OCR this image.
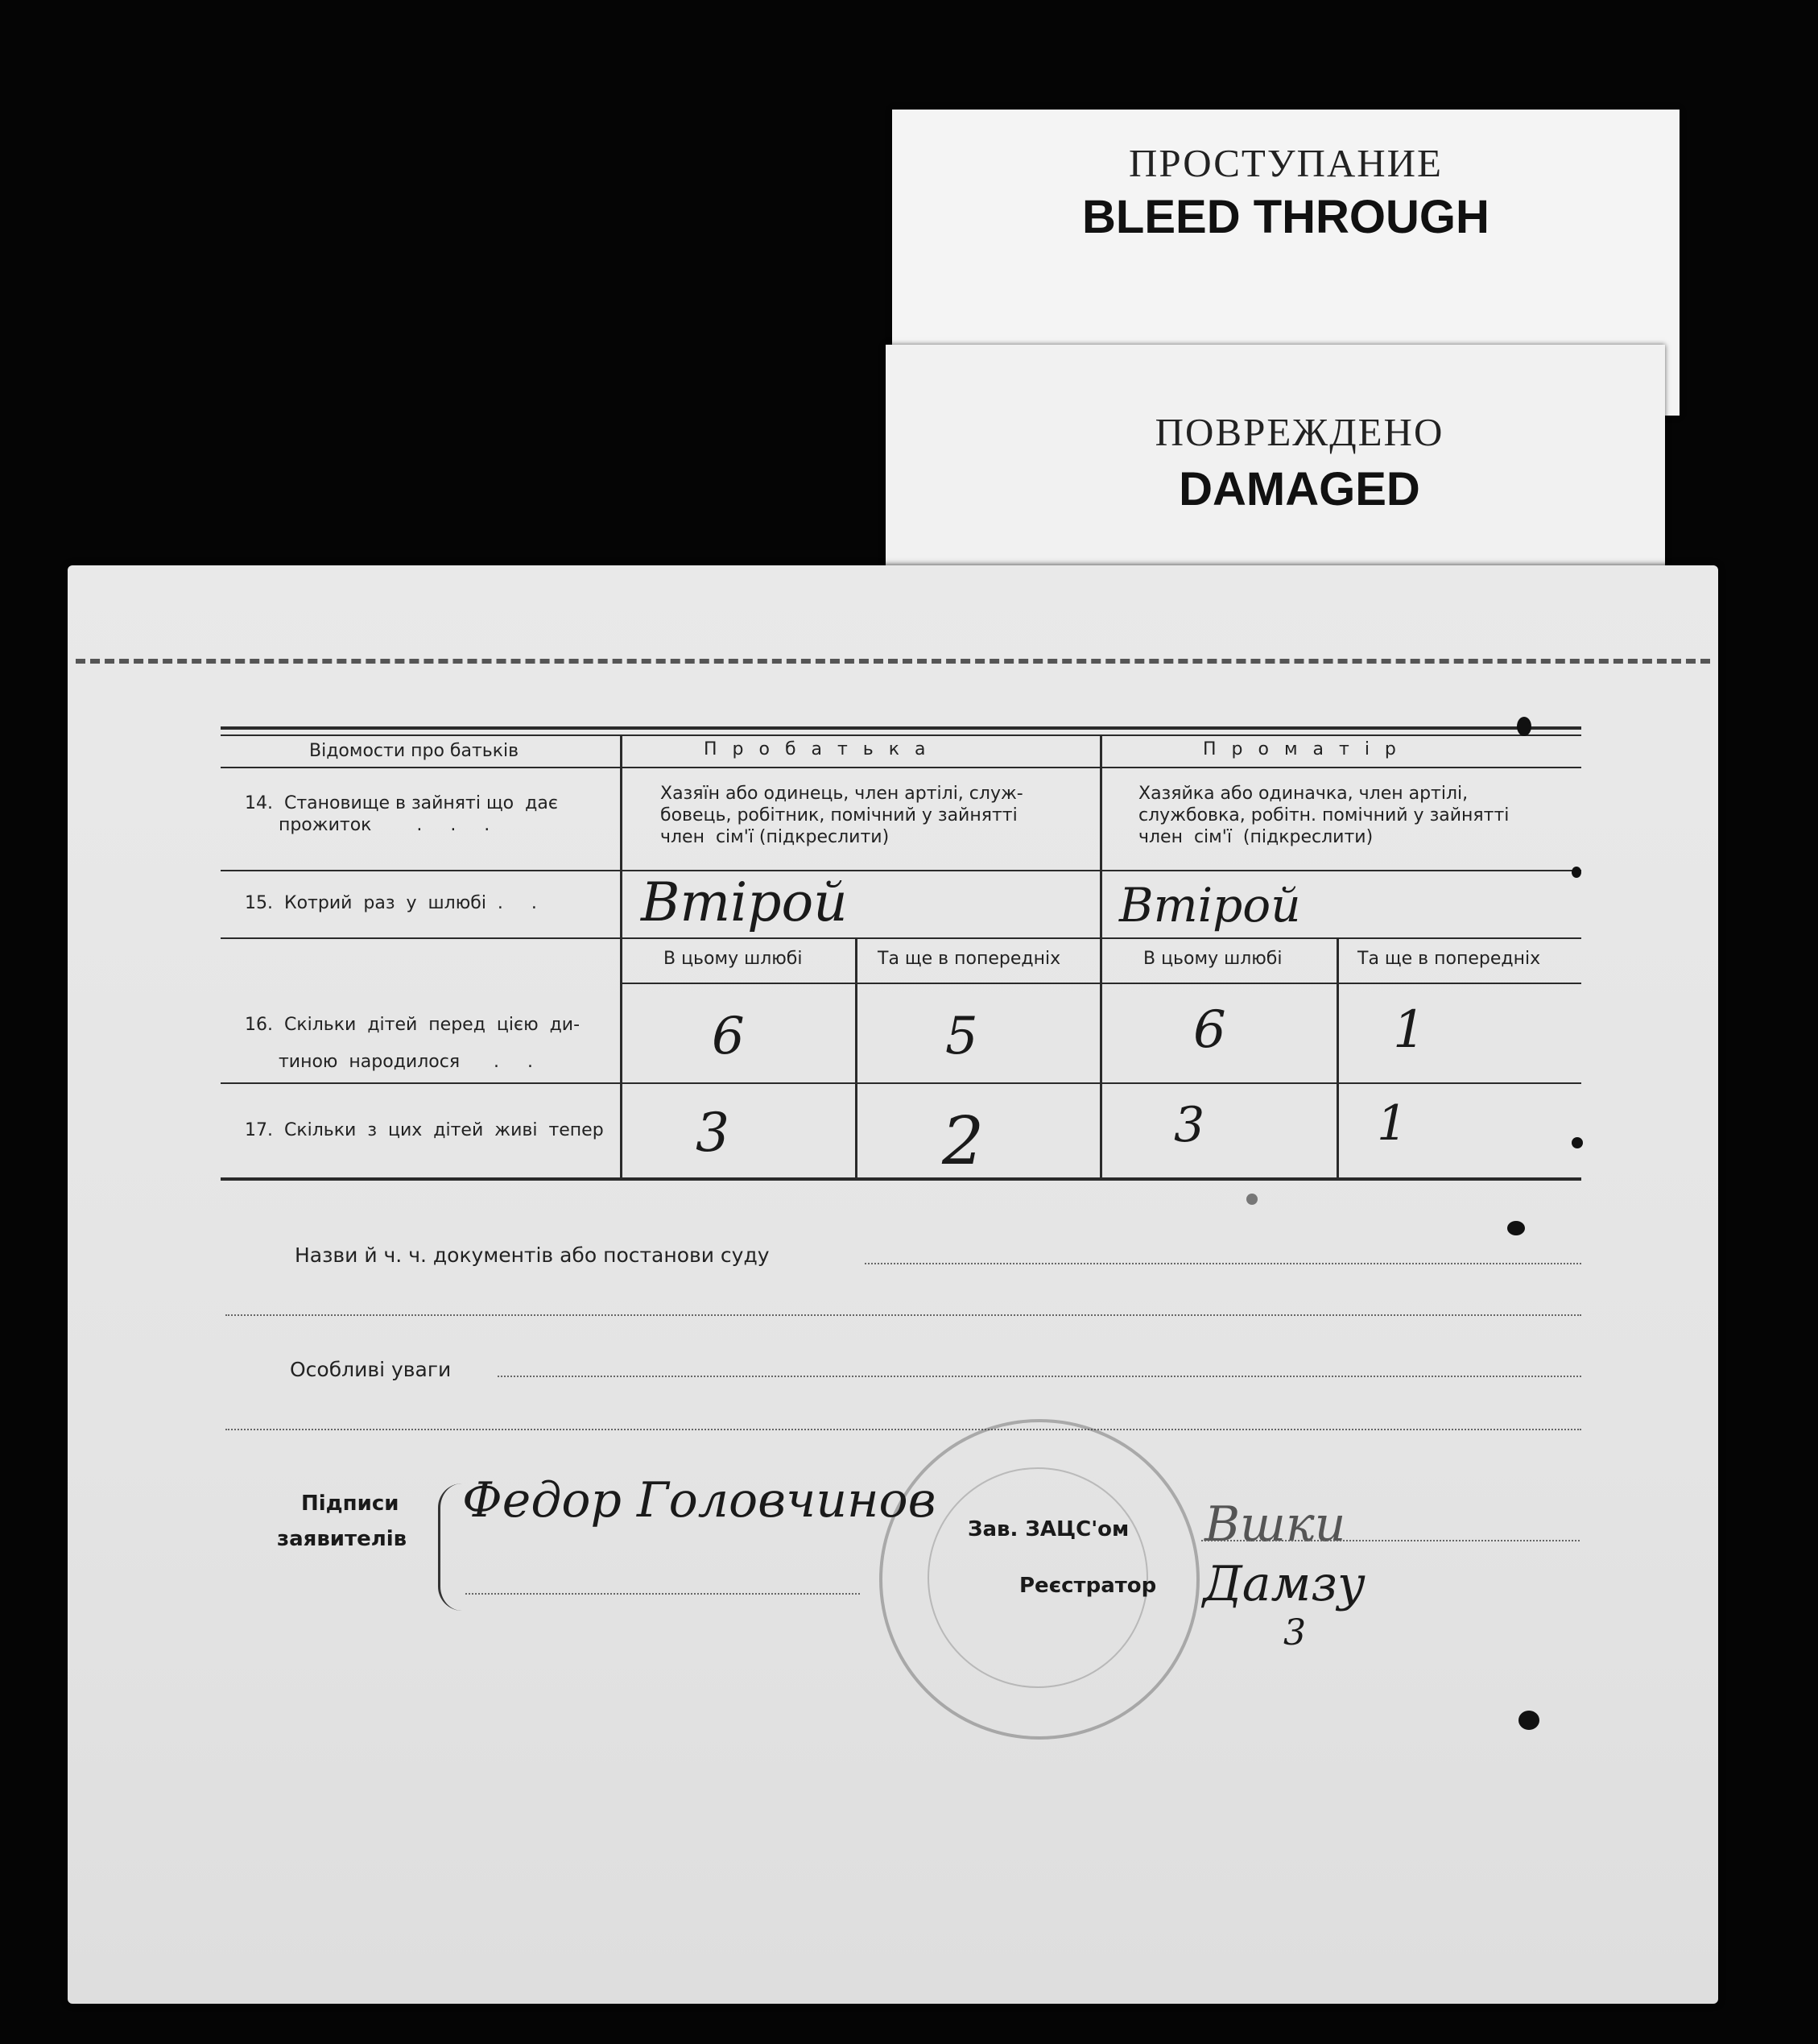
ПРОСТУПАНИЕ
BLEED THROUGH
ПОВРЕЖДЕНО
DAMAGED
Відомости про батьків	П р о б а т ь к а	П р о м а т і р
14.  Становище в зайняті що  дає
прожиток        .     .     .
Хазяїн або одинець, член артілі, служ-
бовець, робітник, помічний у зайнятті
член  сім'ї (підкреслити)
Хазяйка або одиначка, член артілі,
службовка, робітн. помічний у зайнятті
член  сім'ї  (підкреслити)
15.  Котрий  раз  у  шлюбі  .     . Втірой	Втірой
В цьому шлюбі	Та ще в попередніх	В цьому шлюбі	Та ще в попередніх
16.  Скільки  дітей  перед  цією  ди-
тиною  народилося      .     .	6	5	6	1
17.  Скільки  з  цих  дітей  живі  тепер 3	2	3	1
Назви й ч. ч. документів або постанови суду
Особливі уваги
Підписи
заявителів
Федор Головчинов
Зав. ЗАЦС'ом
Реєстратор
Вшки
Дамзу
3
